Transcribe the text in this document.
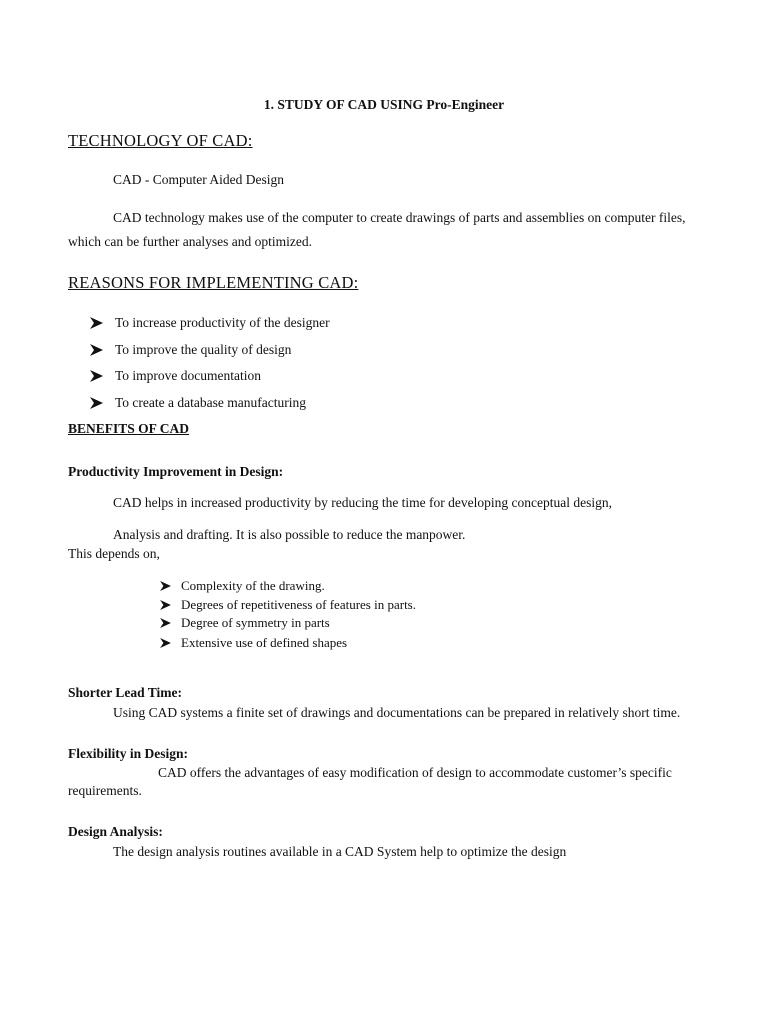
1. STUDY OF CAD USING Pro-Engineer
TECHNOLOGY OF CAD:
CAD - Computer Aided Design
CAD technology makes use of the computer to create drawings of parts and assemblies on computer files,
which can be further analyses and optimized.
REASONS FOR IMPLEMENTING CAD:
To increase productivity of the designer
To improve the quality of design
To improve documentation
To create a database manufacturing
BENEFITS OF CAD
Productivity Improvement in Design:
CAD helps in increased productivity by reducing the time for developing conceptual design,
Analysis and drafting. It is also possible to reduce the manpower.
This depends on,
Complexity of the drawing.
Degrees of repetitiveness of features in parts.
Degree of symmetry in parts
Extensive use of defined shapes
Shorter Lead Time:
Using CAD systems a finite set of drawings and documentations can be prepared in relatively short time.
Flexibility in Design:
CAD offers the advantages of easy modification of design to accommodate customer’s specific
requirements.
Design Analysis:
The design analysis routines available in a CAD System help to optimize the design
